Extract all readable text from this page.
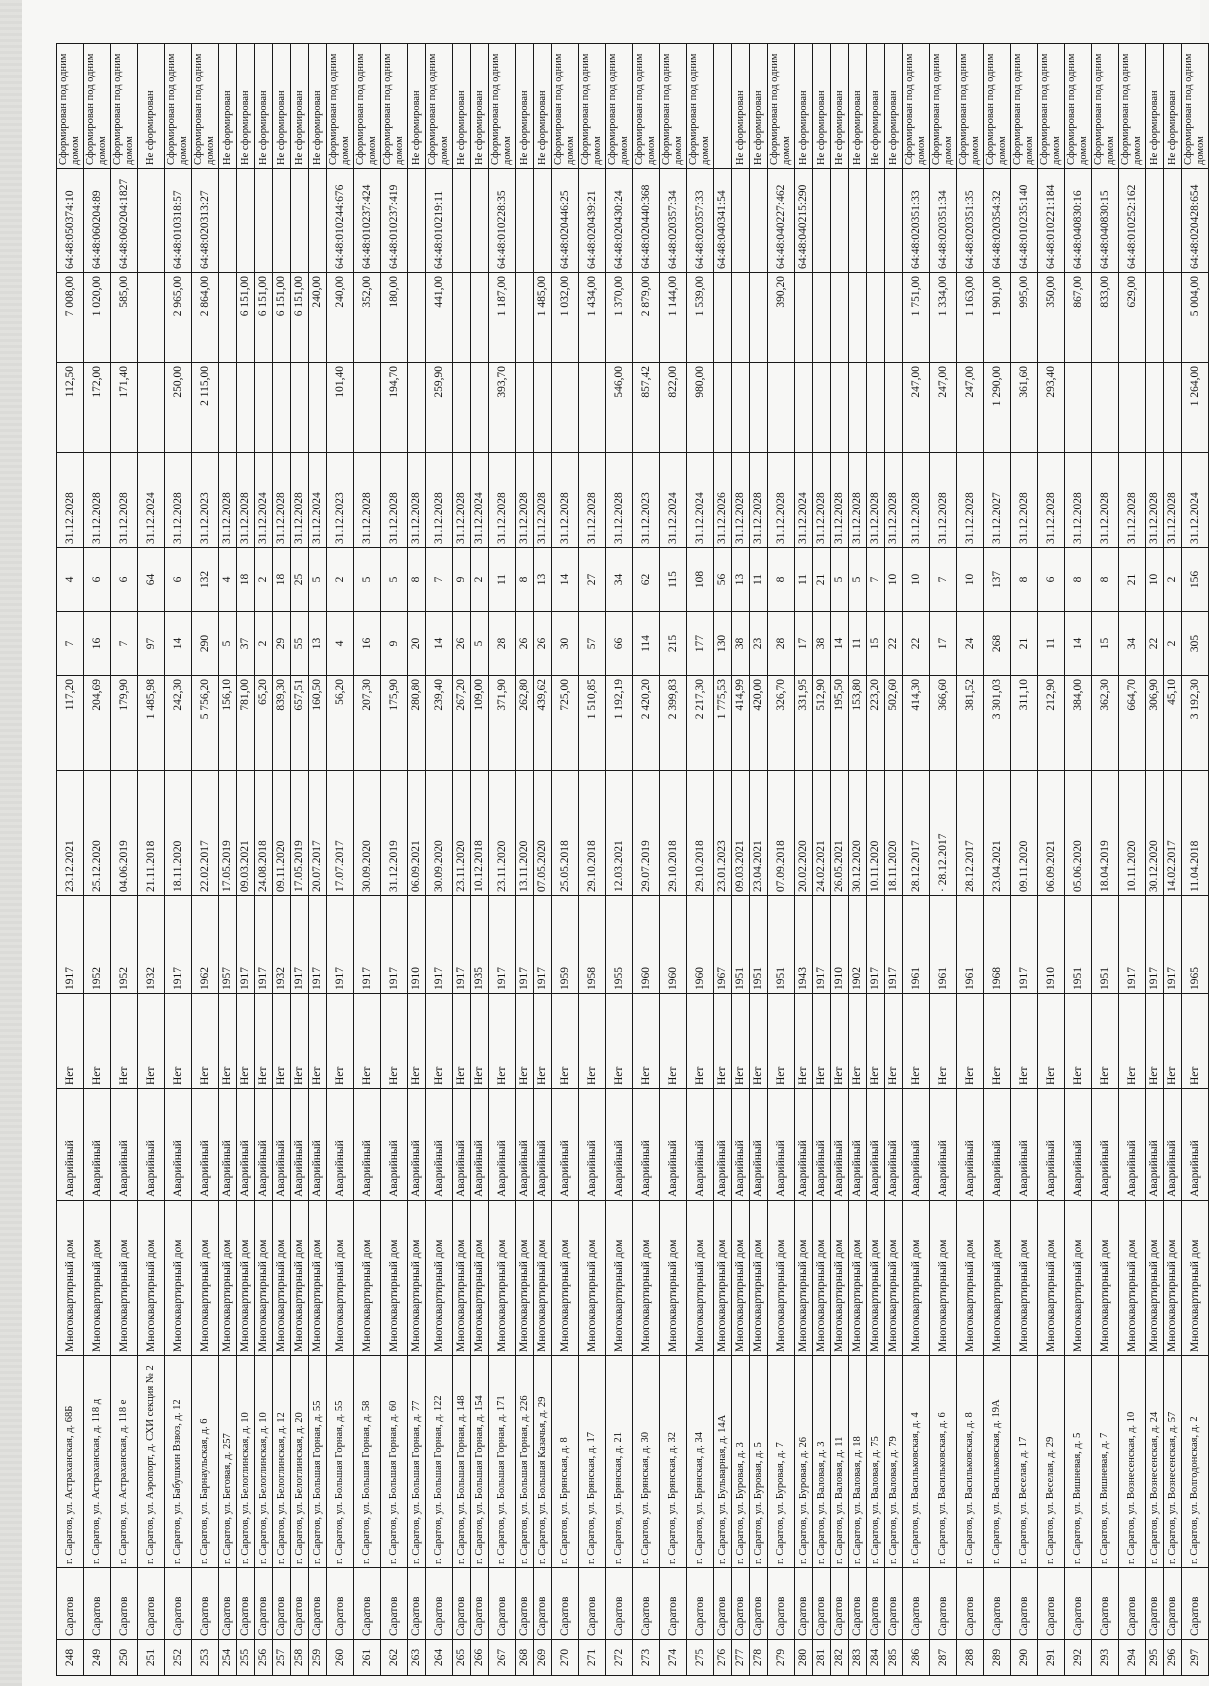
248	Саратов	г. Саратов, ул. Астраханская, д. 68Б	Многоквартирный дом	Аварийный	Нет	1917	23.12.2021	117,20	7	4	31.12.2028	112,50	7 008,00	64:48:050374:10	Сформирован под одним домом
249	Саратов	г. Саратов, ул. Астраханская, д. 118 д	Многоквартирный дом	Аварийный	Нет	1952	25.12.2020	204,69	16	6	31.12.2028	172,00	1 020,00	64:48:060204:89	Сформирован под одним домом
250	Саратов	г. Саратов, ул. Астраханская, д. 118 е	Многоквартирный дом	Аварийный	Нет	1952	04.06.2019	179,90	7	6	31.12.2028	171,40	585,00	64:48:060204:1827	Сформирован под одним домом
251	Саратов	г. Саратов, ул. Аэропорт, д. СХИ секция № 2	Многоквартирный дом	Аварийный	Нет	1932	21.11.2018	1 485,98	97	64	31.12.2024				Не сформирован
252	Саратов	г. Саратов, ул. Бабушкин Взвоз, д. 12	Многоквартирный дом	Аварийный	Нет	1917	18.11.2020	242,30	14	6	31.12.2028	250,00	2 965,00	64:48:010318:57	Сформирован под одним домом
253	Саратов	г. Саратов, ул. Барнаульская, д. 6	Многоквартирный дом	Аварийный	Нет	1962	22.02.2017	5 756,20	290	132	31.12.2023	2 115,00	2 864,00	64:48:020313:27	Сформирован под одним домом
254	Саратов	г. Саратов, ул. Беговая, д. 257	Многоквартирный дом	Аварийный	Нет	1957	17.05.2019	156,10	5	4	31.12.2028				Не сформирован
255	Саратов	г. Саратов, ул. Белоглинская, д. 10	Многоквартирный дом	Аварийный	Нет	1917	09.03.2021	781,00	37	18	31.12.2028		6 151,00		Не сформирован
256	Саратов	г. Саратов, ул. Белоглинская, д. 10	Многоквартирный дом	Аварийный	Нет	1917	24.08.2018	65,20	2	2	31.12.2024		6 151,00		Не сформирован
257	Саратов	г. Саратов, ул. Белоглинская, д. 12	Многоквартирный дом	Аварийный	Нет	1932	09.11.2020	839,30	29	18	31.12.2028		6 151,00		Не сформирован
258	Саратов	г. Саратов, ул. Белоглинская, д. 20	Многоквартирный дом	Аварийный	Нет	1917	17.05.2019	657,51	55	25	31.12.2028		6 151,00		Не сформирован
259	Саратов	г. Саратов, ул. Большая Горная, д. 55	Многоквартирный дом	Аварийный	Нет	1917	20.07.2017	160,50	13	5	31.12.2024		240,00		Не сформирован
260	Саратов	г. Саратов, ул. Большая Горная, д. 55	Многоквартирный дом	Аварийный	Нет	1917	17.07.2017	56,20	4	2	31.12.2023	101,40	240,00	64:48:010244:676	Сформирован под одним домом
261	Саратов	г. Саратов, ул. Большая Горная, д. 58	Многоквартирный дом	Аварийный	Нет	1917	30.09.2020	207,30	16	5	31.12.2028		352,00	64:48:010237:424	Сформирован под одним домом
262	Саратов	г. Саратов, ул. Большая Горная, д. 60	Многоквартирный дом	Аварийный	Нет	1917	31.12.2019	175,90	9	5	31.12.2028	194,70	180,00	64:48:010237:419	Сформирован под одним домом
263	Саратов	г. Саратов, ул. Большая Горная, д. 77	Многоквартирный дом	Аварийный	Нет	1910	06.09.2021	280,80	20	8	31.12.2028				Не сформирован
264	Саратов	г. Саратов, ул. Большая Горная, д. 122	Многоквартирный дом	Аварийный	Нет	1917	30.09.2020	239,40	14	7	31.12.2028	259,90	441,00	64:48:010219:11	Сформирован под одним домом
265	Саратов	г. Саратов, ул. Большая Горная, д. 148	Многоквартирный дом	Аварийный	Нет	1917	23.11.2020	267,20	26	9	31.12.2028				Не сформирован
266	Саратов	г. Саратов, ул. Большая Горная, д. 154	Многоквартирный дом	Аварийный	Нет	1935	10.12.2018	109,00	5	2	31.12.2024				Не сформирован
267	Саратов	г. Саратов, ул. Большая Горная, д. 171	Многоквартирный дом	Аварийный	Нет	1917	23.11.2020	371,90	28	11	31.12.2028	393,70	1 187,00	64:48:010228:35	Сформирован под одним домом
268	Саратов	г. Саратов, ул. Большая Горная, д. 226	Многоквартирный дом	Аварийный	Нет	1917	13.11.2020	262,80	26	8	31.12.2028				Не сформирован
269	Саратов	г. Саратов, ул. Большая Казачья, д. 29	Многоквартирный дом	Аварийный	Нет	1917	07.05.2020	439,62	26	13	31.12.2028		1 485,00		Не сформирован
270	Саратов	г. Саратов, ул. Брянская, д. 8	Многоквартирный дом	Аварийный	Нет	1959	25.05.2018	725,00	30	14	31.12.2028		1 032,00	64:48:020446:25	Сформирован под одним домом
271	Саратов	г. Саратов, ул. Брянская, д. 17	Многоквартирный дом	Аварийный	Нет	1958	29.10.2018	1 510,85	57	27	31.12.2028		1 434,00	64:48:020439:21	Сформирован под одним домом
272	Саратов	г. Саратов, ул. Брянская, д. 21	Многоквартирный дом	Аварийный	Нет	1955	12.03.2021	1 192,19	66	34	31.12.2028	546,00	1 370,00	64:48:020430:24	Сформирован под одним домом
273	Саратов	г. Саратов, ул. Брянская, д. 30	Многоквартирный дом	Аварийный	Нет	1960	29.07.2019	2 420,20	114	62	31.12.2023	857,42	2 879,00	64:48:020440:368	Сформирован под одним домом
274	Саратов	г. Саратов, ул. Брянская, д. 32	Многоквартирный дом	Аварийный	Нет	1960	29.10.2018	2 399,83	215	115	31.12.2024	822,00	1 144,00	64:48:020357:34	Сформирован под одним домом
275	Саратов	г. Саратов, ул. Брянская, д. 34	Многоквартирный дом	Аварийный	Нет	1960	29.10.2018	2 217,30	177	108	31.12.2024	980,00	1 539,00	64:48:020357:33	Сформирован под одним домом
276	Саратов	г. Саратов, ул. Бульварная, д. 14А	Многоквартирный дом	Аварийный	Нет	1967	23.01.2023	1 775,53	130	56	31.12.2026			64:48:040341:54	
277	Саратов	г. Саратов, ул. Буровая, д. 3	Многоквартирный дом	Аварийный	Нет	1951	09.03.2021	414,99	38	13	31.12.2028				Не сформирован
278	Саратов	г. Саратов, ул. Буровая, д. 5	Многоквартирный дом	Аварийный	Нет	1951	23.04.2021	420,00	23	11	31.12.2028				Не сформирован
279	Саратов	г. Саратов, ул. Буровая, д. 7	Многоквартирный дом	Аварийный	Нет	1951	07.09.2018	326,70	28	8	31.12.2028		390,20	64:48:040227:462	Сформирован под одним домом
280	Саратов	г. Саратов, ул. Буровая, д. 26	Многоквартирный дом	Аварийный	Нет	1943	20.02.2020	331,95	17	11	31.12.2024			64:48:040215:290	Не сформирован
281	Саратов	г. Саратов, ул. Валовая, д. 3	Многоквартирный дом	Аварийный	Нет	1917	24.02.2021	512,90	38	21	31.12.2028				Не сформирован
282	Саратов	г. Саратов, ул. Валовая, д. 11	Многоквартирный дом	Аварийный	Нет	1910	26.05.2021	195,50	14	5	31.12.2028				Не сформирован
283	Саратов	г. Саратов, ул. Валовая, д. 18	Многоквартирный дом	Аварийный	Нет	1902	30.12.2020	153,80	11	5	31.12.2028				Не сформирован
284	Саратов	г. Саратов, ул. Валовая, д. 75	Многоквартирный дом	Аварийный	Нет	1917	10.11.2020	223,20	15	7	31.12.2028				Не сформирован
285	Саратов	г. Саратов, ул. Валовая, д. 79	Многоквартирный дом	Аварийный	Нет	1917	18.11.2020	502,60	22	10	31.12.2028				Не сформирован
286	Саратов	г. Саратов, ул. Васильковская, д. 4	Многоквартирный дом	Аварийный	Нет	1961	28.12.2017	414,30	22	10	31.12.2028	247,00	1 751,00	64:48:020351:33	Сформирован под одним домом
287	Саратов	г. Саратов, ул. Васильковская, д. 6	Многоквартирный дом	Аварийный	Нет	1961	· 28.12.2017	366,60	17	7	31.12.2028	247,00	1 334,00	64:48:020351:34	Сформирован под одним домом
288	Саратов	г. Саратов, ул. Васильковская, д. 8	Многоквартирный дом	Аварийный	Нет	1961	28.12.2017	381,52	24	10	31.12.2028	247,00	1 163,00	64:48:020351:35	Сформирован под одним домом
289	Саратов	г. Саратов, ул. Васильковская, д. 19А	Многоквартирный дом	Аварийный	Нет	1968	23.04.2021	3 301,03	268	137	31.12.2027	1 290,00	1 901,00	64:48:020354:32	Сформирован под одним домом
290	Саратов	г. Саратов, ул. Веселая, д. 17	Многоквартирный дом	Аварийный	Нет	1917	09.11.2020	311,10	21	8	31.12.2028	361,60	995,00	64:48:010235:140	Сформирован под одним домом
291	Саратов	г. Саратов, ул. Веселая, д. 29	Многоквартирный дом	Аварийный	Нет	1910	06.09.2021	212,90	11	6	31.12.2028	293,40	350,00	64:48:010221:184	Сформирован под одним домом
292	Саратов	г. Саратов, ул. Вишневая, д. 5	Многоквартирный дом	Аварийный	Нет	1951	05.06.2020	384,00	14	8	31.12.2028		867,00	64:48:040830:16	Сформирован под одним домом
293	Саратов	г. Саратов, ул. Вишневая, д. 7	Многоквартирный дом	Аварийный	Нет	1951	18.04.2019	362,30	15	8	31.12.2028		833,00	64:48:040830:15	Сформирован под одним домом
294	Саратов	г. Саратов, ул. Вознесенская, д. 10	Многоквартирный дом	Аварийный	Нет	1917	10.11.2020	664,70	34	21	31.12.2028		629,00	64:48:010252:162	Сформирован под одним домом
295	Саратов	г. Саратов, ул. Вознесенская, д. 24	Многоквартирный дом	Аварийный	Нет	1917	30.12.2020	306,90	22	10	31.12.2028				Не сформирован
296	Саратов	г. Саратов, ул. Вознесенская, д. 57	Многоквартирный дом	Аварийный	Нет	1917	14.02.2017	45,10	2	2	31.12.2028				Не сформирован
297	Саратов	г. Саратов, ул. Волгодонская, д. 2	Многоквартирный дом	Аварийный	Нет	1965	11.04.2018	3 192,30	305	156	31.12.2024	1 264,00	5 004,00	64:48:020428:654	Сформирован под одним домом
